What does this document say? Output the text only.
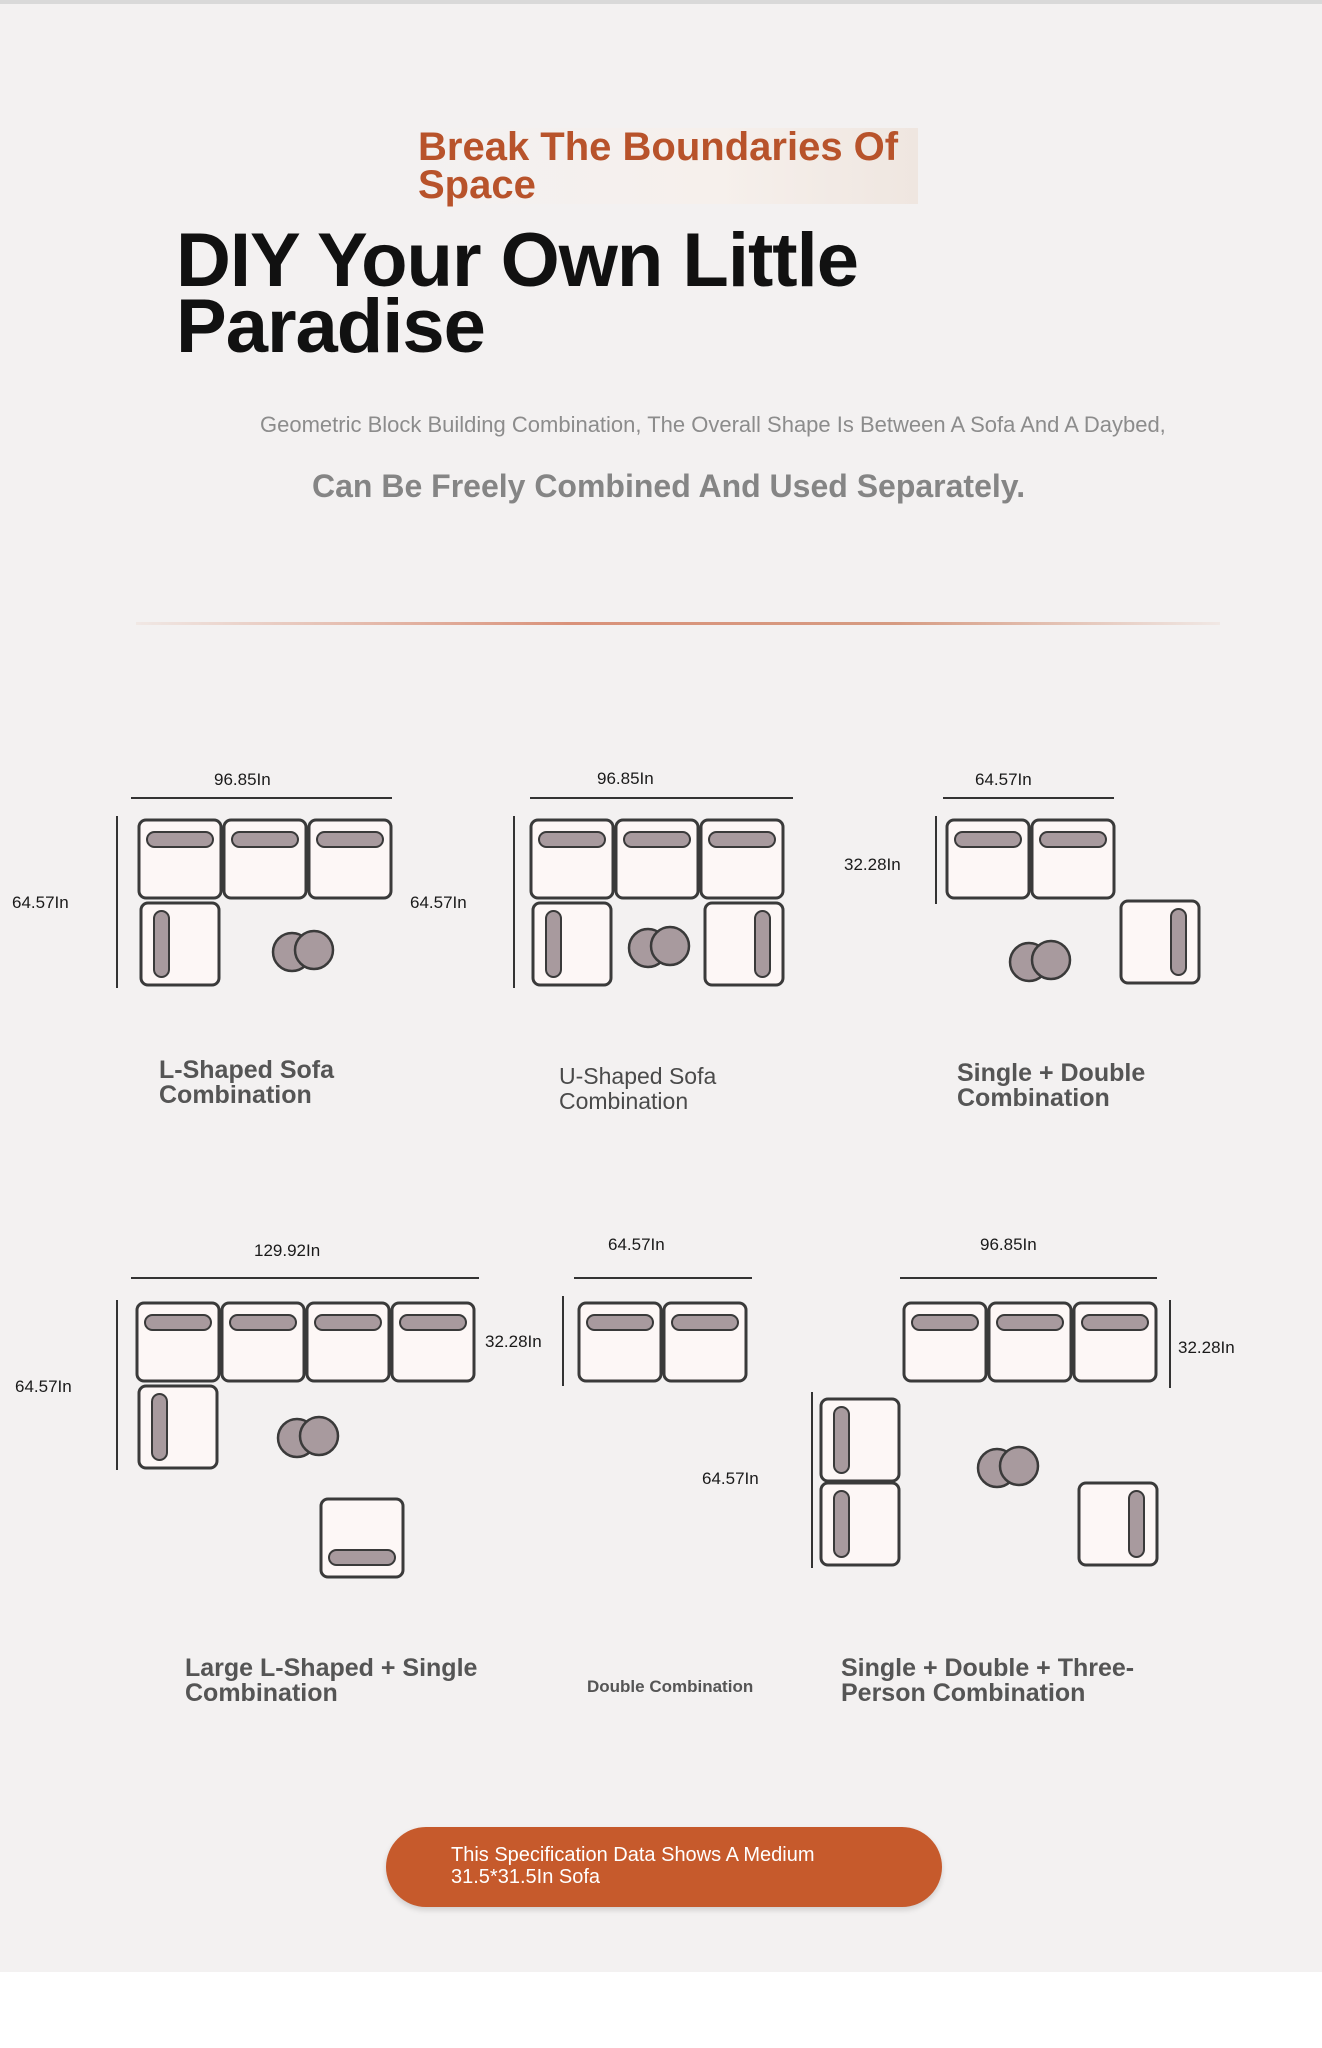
Break The Boundaries Of Space
DIY Your Own Little Paradise
Geometric Block Building Combination, The Overall Shape Is Between A Sofa And A Daybed,
Can Be Freely Combined And Used Separately.
96.85In
64.57In	64.57In
96.85In	64.57In
32.28In
129.92In
32.28In
64.57In
64.57In	96.85In
32.28In
64.57In
L-Shaped Sofa Combination
U-Shaped Sofa Combination
Single + Double Combination
Large L-Shaped + Single Combination	Double Combination
Single + Double + Three-Person Combination
This Specification Data Shows A Medium 31.5*31.5In Sofa
